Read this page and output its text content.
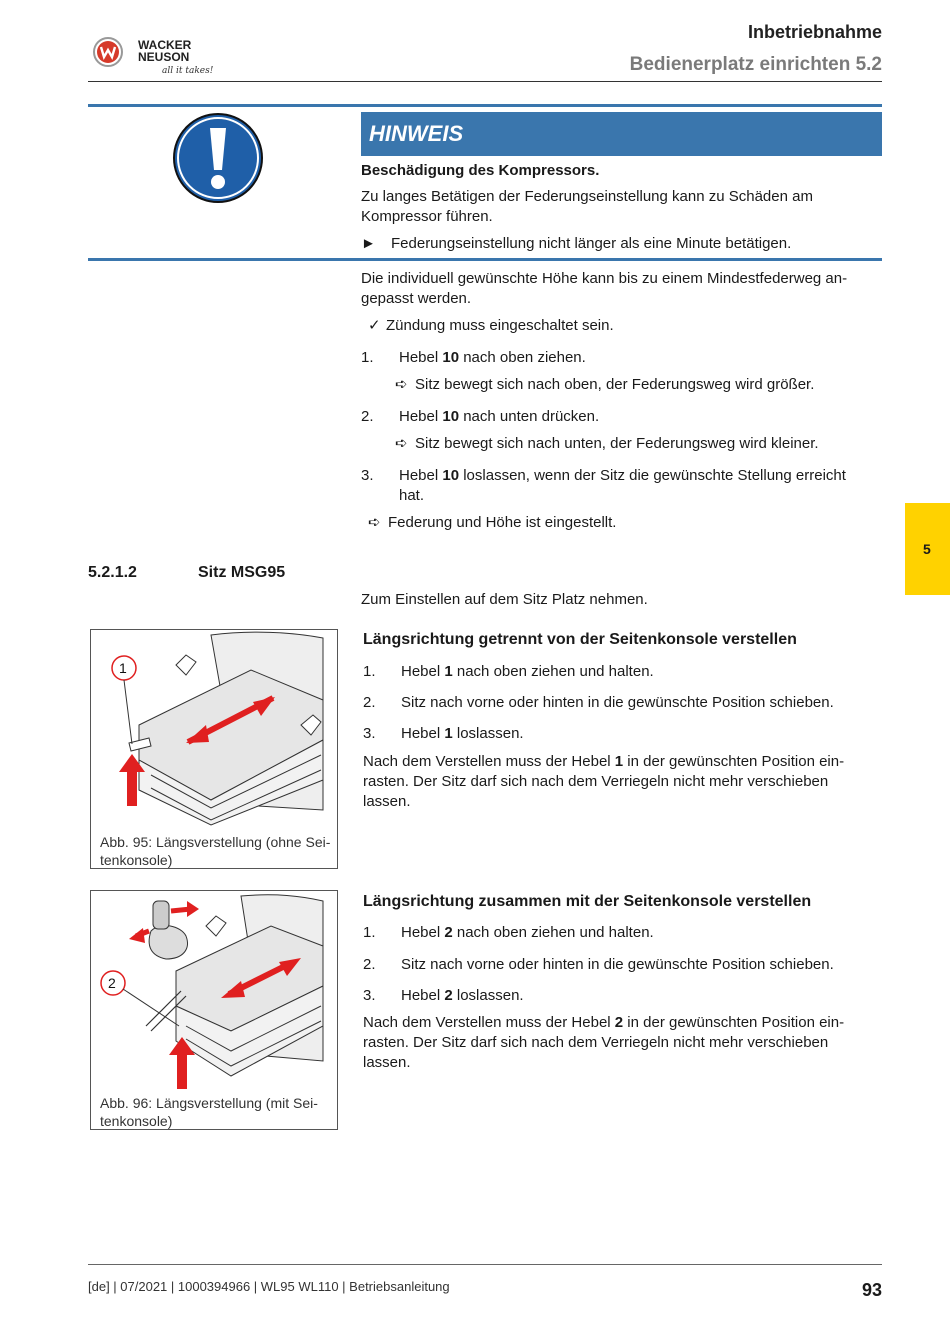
WACKER
NEUSON
all it takes!
Inbetriebnahme
Bedienerplatz einrichten 5.2
HINWEIS
Beschädigung des Kompressors.
Zu langes Betätigen der Federungseinstellung kann zu Schäden am Kompressor führen.
► Federungseinstellung nicht länger als eine Minute betätigen.
Die individuell gewünschte Höhe kann bis zu einem Mindestfederweg an-
gepasst werden.
✓ Zündung muss eingeschaltet sein.
1. Hebel 10 nach oben ziehen.
➪ Sitz bewegt sich nach oben, der Federungsweg wird größer.
2. Hebel 10 nach unten drücken.
➪ Sitz bewegt sich nach unten, der Federungsweg wird kleiner.
3. Hebel 10 loslassen, wenn der Sitz die gewünschte Stellung erreicht
hat.
➪ Federung und Höhe ist eingestellt.
5
5.2.1.2	Sitz MSG95
Zum Einstellen auf dem Sitz Platz nehmen.
1
Abb. 95: Längsverstellung (ohne Sei-
tenkonsole)
Längsrichtung getrennt von der Seitenkonsole verstellen
1. Hebel 1 nach oben ziehen und halten.
2. Sitz nach vorne oder hinten in die gewünschte Position schieben.
3. Hebel 1 loslassen.
Nach dem Verstellen muss der Hebel 1 in der gewünschten Position ein-
rasten. Der Sitz darf sich nach dem Verriegeln nicht mehr verschieben
lassen.
2
Abb. 96: Längsverstellung (mit Sei-
tenkonsole)
Längsrichtung zusammen mit der Seitenkonsole verstellen
1. Hebel 2 nach oben ziehen und halten.
2. Sitz nach vorne oder hinten in die gewünschte Position schieben.
3. Hebel 2 loslassen.
Nach dem Verstellen muss der Hebel 2 in der gewünschten Position ein-
rasten. Der Sitz darf sich nach dem Verriegeln nicht mehr verschieben
lassen.
[de] | 07/2021 | 1000394966 | WL95 WL110 | Betriebsanleitung	93
